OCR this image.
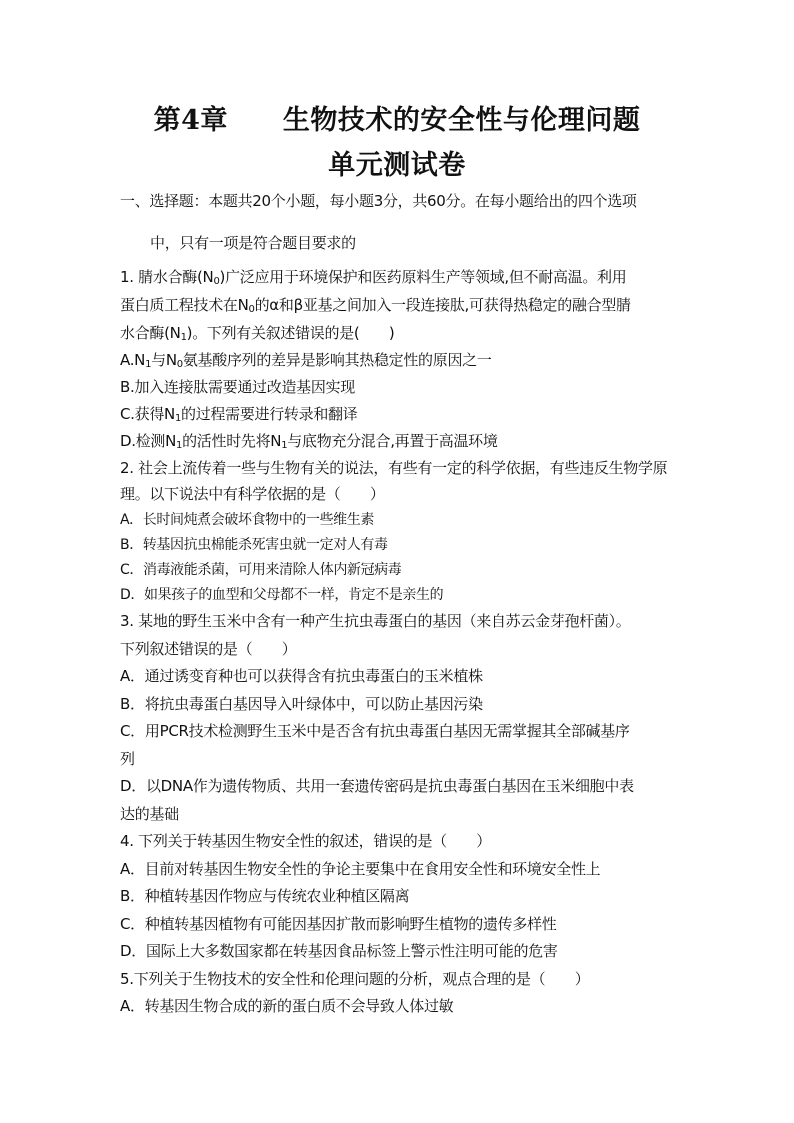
第4章　　生物技术的安全性与伦理问题
单元测试卷
一、选择题：本题共20个小题，每小题3分，共60分。在每小题给出的四个选项
中，只有一项是符合题目要求的
1. 腈水合酶$(N_0)$广泛应用于环境保护和医药原料生产等领域,但不耐高温。利用
蛋白质工程技术在$N_0$的α和β亚基之间加入一段连接肽,可获得热稳定的融合型腈
水合酶$(N_1)$。下列有关叙述错误的是(　　)
$A.N_1$与$N_0$氨基酸序列的差异是影响其热稳定性的原因之一
B.加入连接肽需要通过改造基因实现
C.获得$N_1$的过程需要进行转录和翻译
D.检测$N_1$的活性时先将$N_1$与底物充分混合,再置于高温环境
2. 社会上流传着一些与生物有关的说法，有些有一定的科学依据，有些违反生物学原
理。以下说法中有科学依据的是（　　）
A．长时间炖煮会破坏食物中的一些维生素
B．转基因抗虫棉能杀死害虫就一定对人有毒
C．消毒液能杀菌，可用来清除人体内新冠病毒
D．如果孩子的血型和父母都不一样，肯定不是亲生的
3. 某地的野生玉米中含有一种产生抗虫毒蛋白的基因（来自苏云金芽孢杆菌）。
下列叙述错误的是（　　）
A．通过诱变育种也可以获得含有抗虫毒蛋白的玉米植株
B．将抗虫毒蛋白基因导入叶绿体中，可以防止基因污染
C．用PCR技术检测野生玉米中是否含有抗虫毒蛋白基因无需掌握其全部碱基序
列
D．以DNA作为遗传物质、共用一套遗传密码是抗虫毒蛋白基因在玉米细胞中表
达的基础
4. 下列关于转基因生物安全性的叙述，错误的是（　　）
A．目前对转基因生物安全性的争论主要集中在食用安全性和环境安全性上
B．种植转基因作物应与传统农业种植区隔离
C．种植转基因植物有可能因基因扩散而影响野生植物的遗传多样性
D．国际上大多数国家都在转基因食品标签上警示性注明可能的危害
5.下列关于生物技术的安全性和伦理问题的分析，观点合理的是（　　）
A．转基因生物合成的新的蛋白质不会导致人体过敏
